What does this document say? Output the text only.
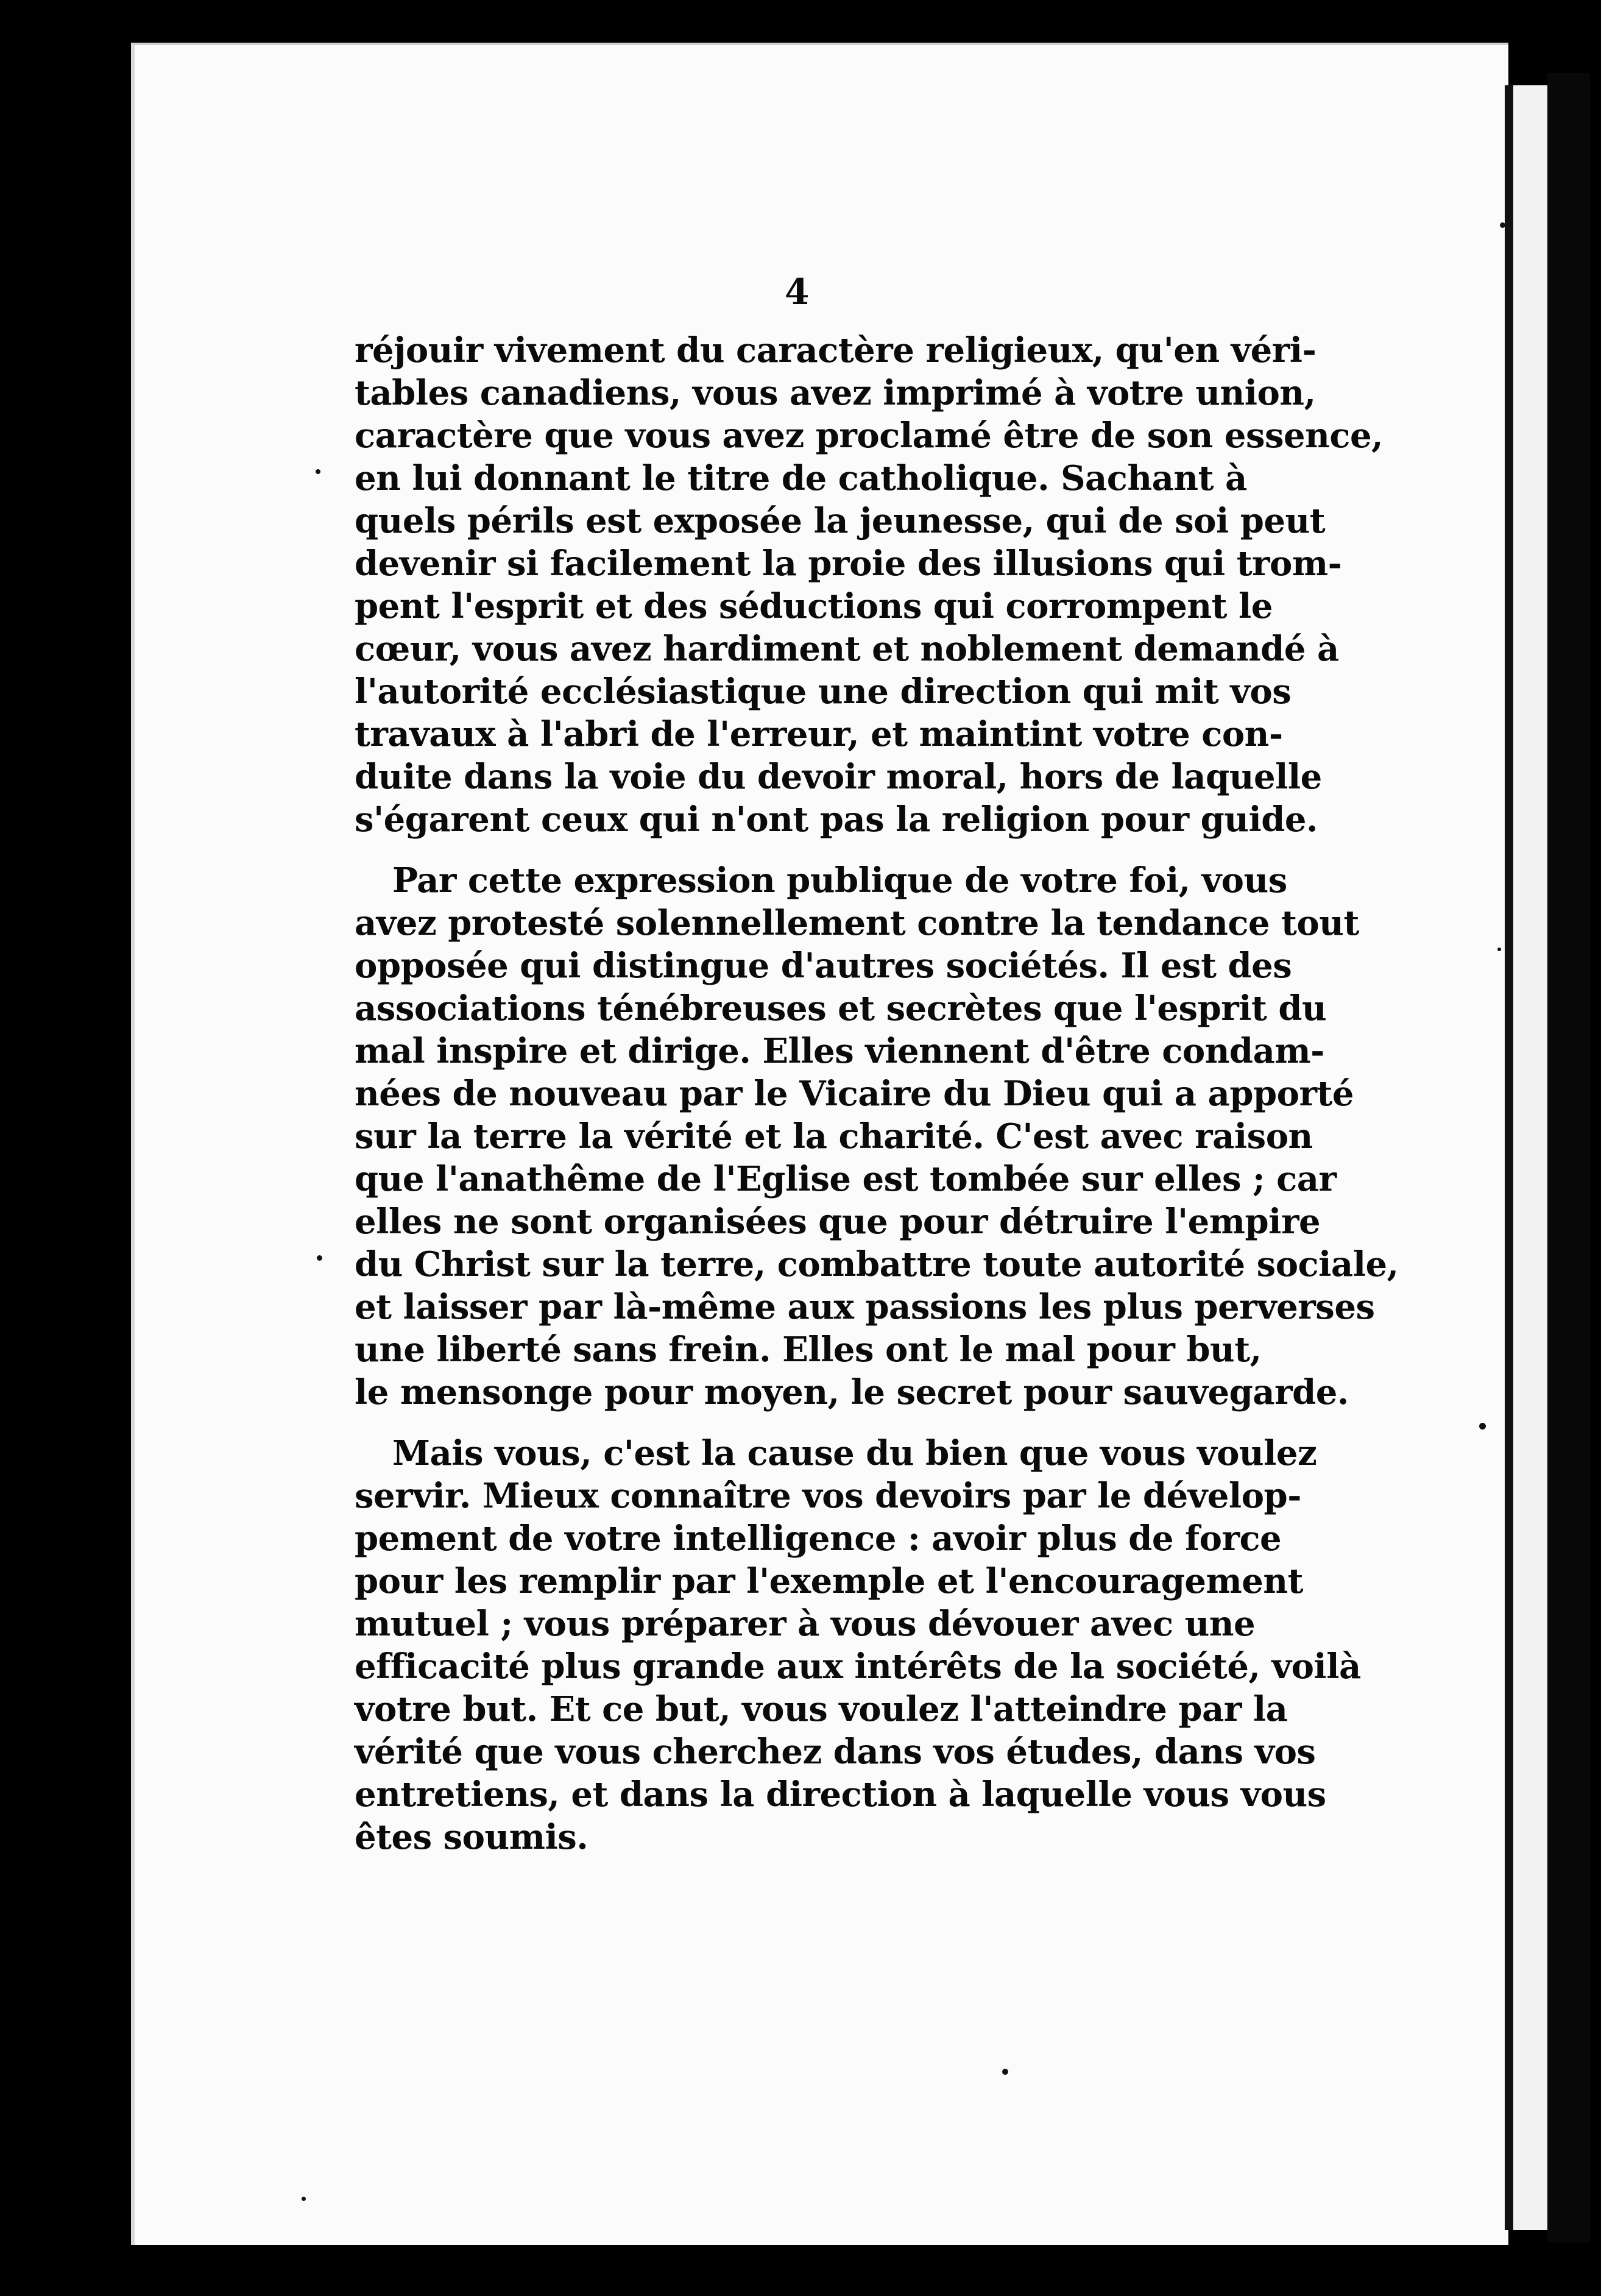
4
réjouir vivement du caractère religieux, qu'en véri-
tables canadiens, vous avez imprimé à votre union,
caractère que vous avez proclamé être de son essence,
en lui donnant le titre de catholique. Sachant à
quels périls est exposée la jeunesse, qui de soi peut
devenir si facilement la proie des illusions qui trom-
pent l'esprit et des séductions qui corrompent le
cœur, vous avez hardiment et noblement demandé à
l'autorité ecclésiastique une direction qui mit vos
travaux à l'abri de l'erreur, et maintint votre con-
duite dans la voie du devoir moral, hors de laquelle
s'égarent ceux qui n'ont pas la religion pour guide.
Par cette expression publique de votre foi, vous
avez protesté solennellement contre la tendance tout
opposée qui distingue d'autres sociétés. Il est des
associations ténébreuses et secrètes que l'esprit du
mal inspire et dirige. Elles viennent d'être condam-
nées de nouveau par le Vicaire du Dieu qui a apporté
sur la terre la vérité et la charité. C'est avec raison
que l'anathême de l'Eglise est tombée sur elles ; car
elles ne sont organisées que pour détruire l'empire
du Christ sur la terre, combattre toute autorité sociale,
et laisser par là-même aux passions les plus perverses
une liberté sans frein. Elles ont le mal pour but,
le mensonge pour moyen, le secret pour sauvegarde.
Mais vous, c'est la cause du bien que vous voulez
servir. Mieux connaître vos devoirs par le dévelop-
pement de votre intelligence : avoir plus de force
pour les remplir par l'exemple et l'encouragement
mutuel ; vous préparer à vous dévouer avec une
efficacité plus grande aux intérêts de la société, voilà
votre but. Et ce but, vous voulez l'atteindre par la
vérité que vous cherchez dans vos études, dans vos
entretiens, et dans la direction à laquelle vous vous
êtes soumis.
